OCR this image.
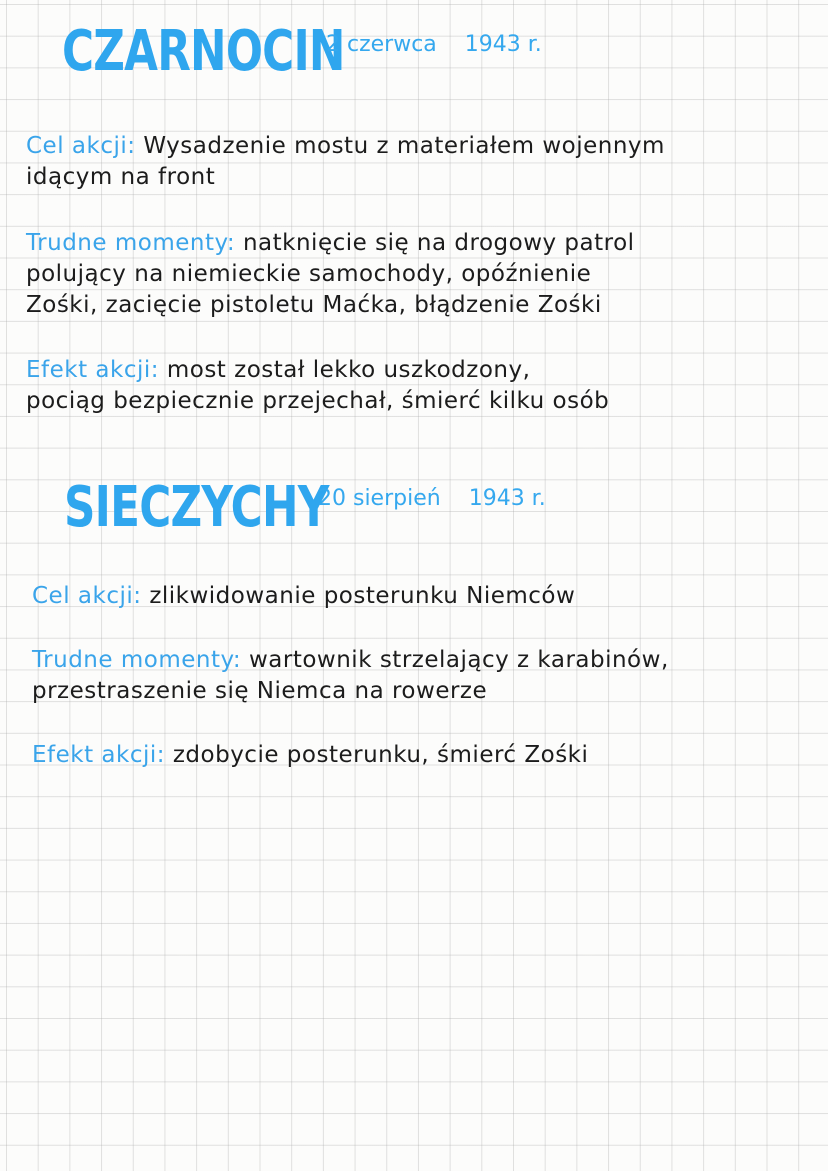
CZARNOCIN
2 czerwca 1943 r.
Cel akcji: Wysadzenie mostu z materiałem wojennym
idącym na front
Trudne momenty: natknięcie się na drogowy patrol
polujący na niemieckie samochody, opóźnienie
Zośki, zacięcie pistoletu Maćka, błądzenie Zośki
Efekt akcji: most został lekko uszkodzony,
pociąg bezpiecznie przejechał, śmierć kilku osób
SIECZYCHY
20 sierpień 1943 r.
Cel akcji: zlikwidowanie posterunku Niemców
Trudne momenty: wartownik strzelający z karabinów,
przestraszenie się Niemca na rowerze
Efekt akcji: zdobycie posterunku, śmierć Zośki
